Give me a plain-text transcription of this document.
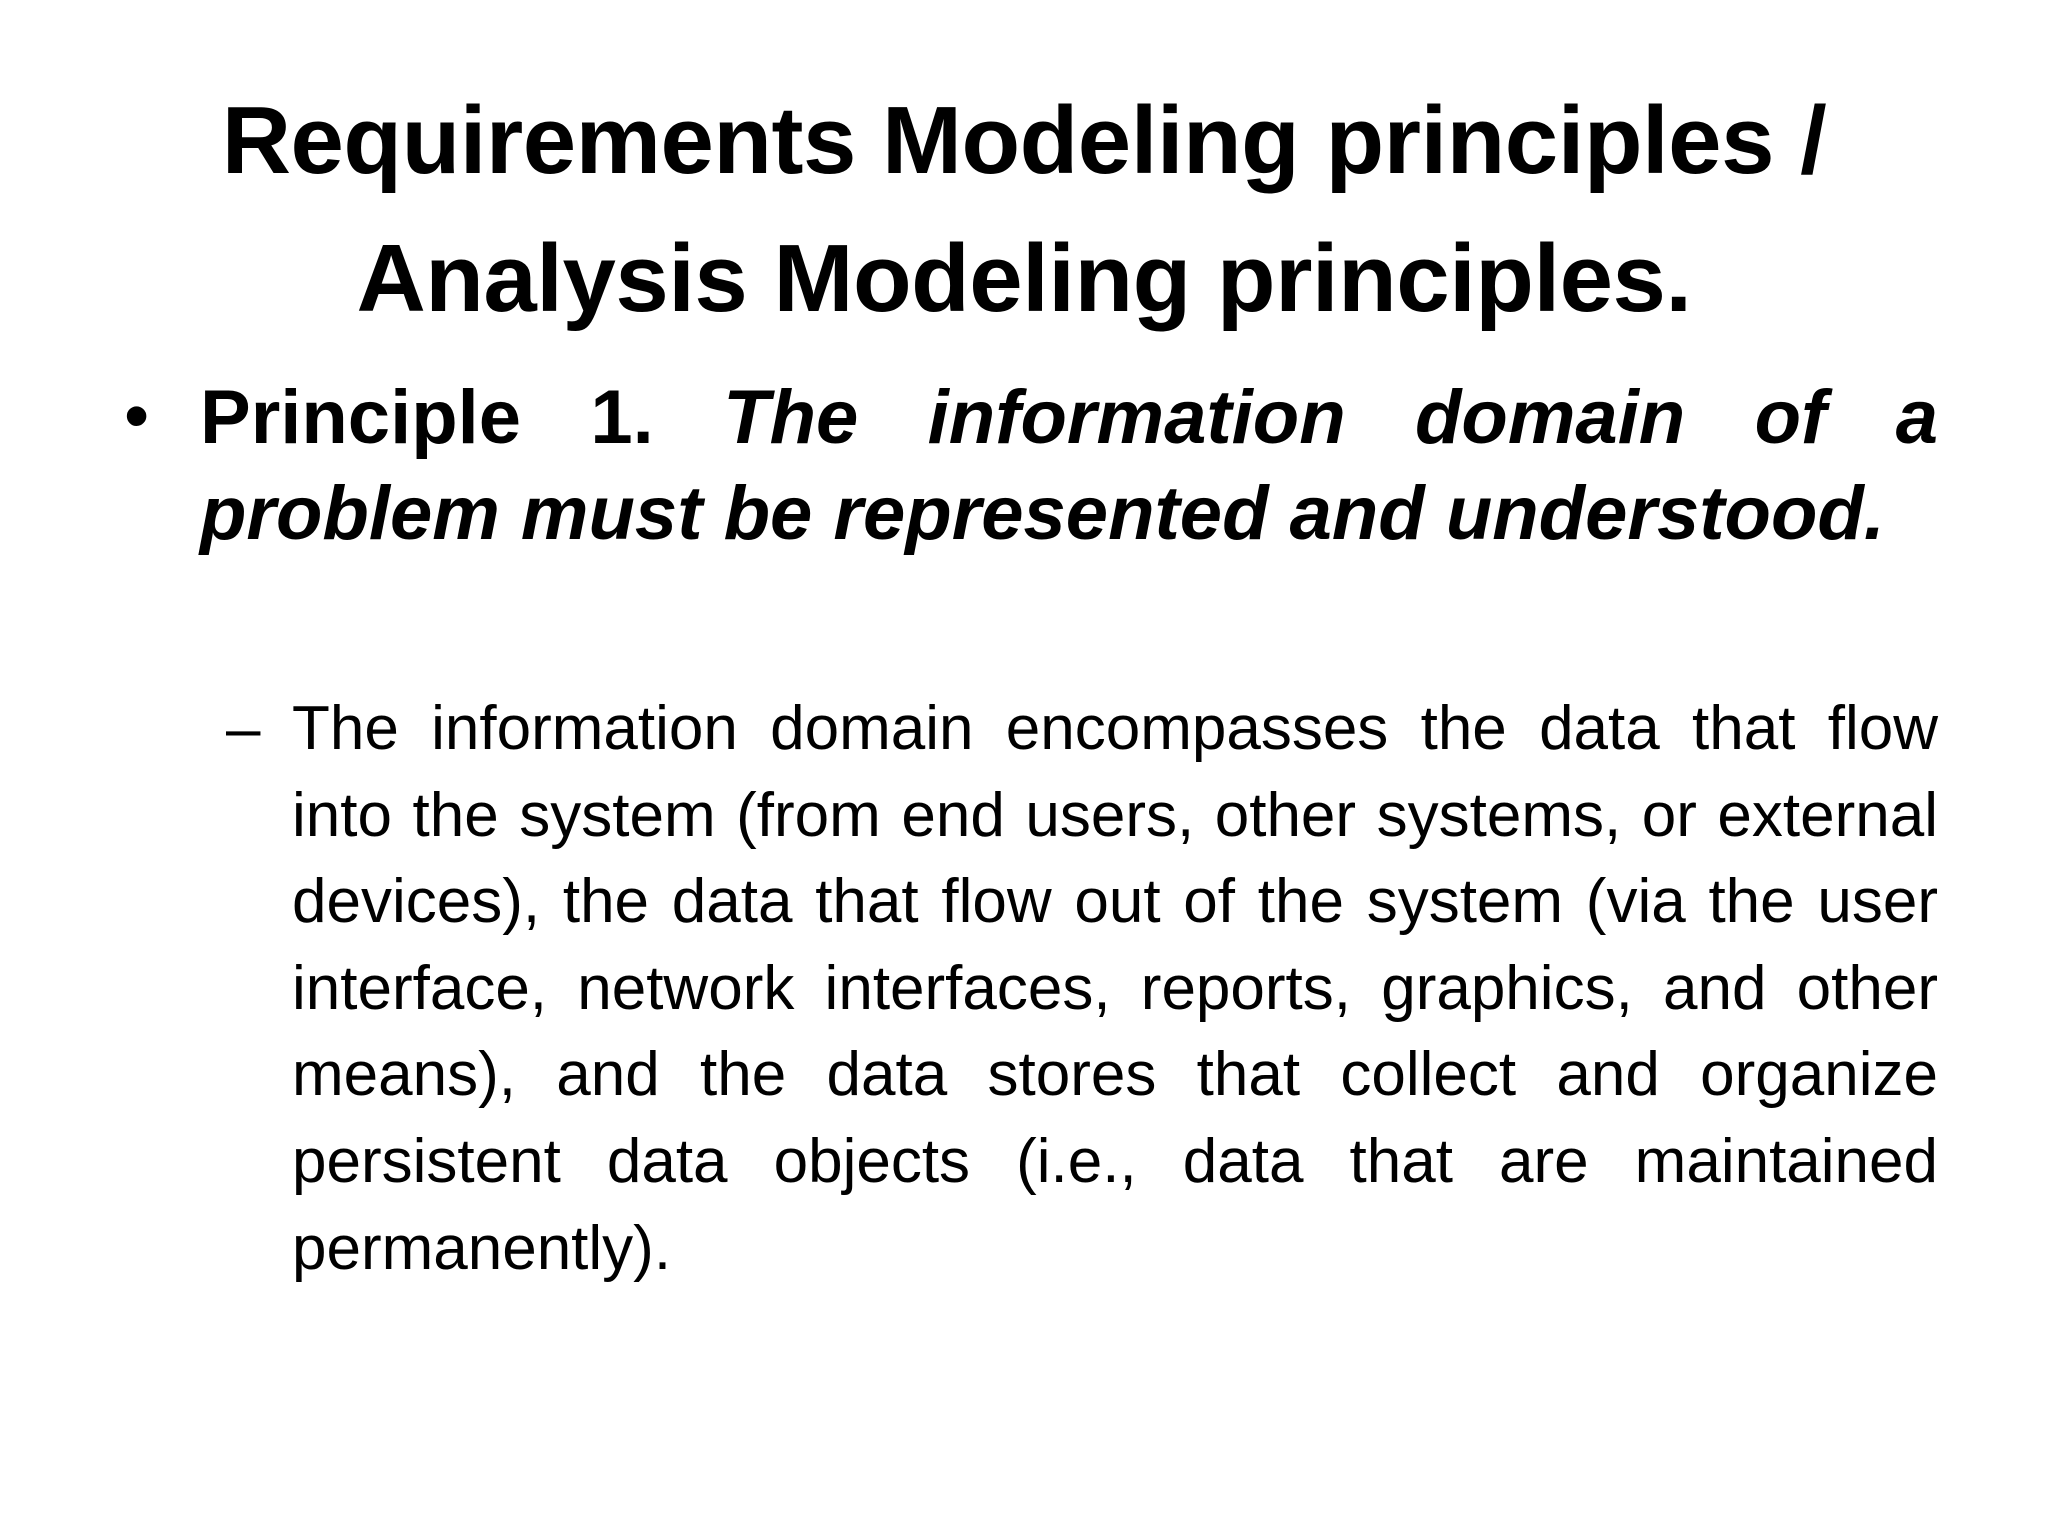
Requirements Modeling principles /
Analysis Modeling principles.
• Principle 1. The information domain of a problem must be represented and understood.
– The information domain encompasses the data that flow into the system (from end users, other systems, or external devices), the data that flow out of the system (via the user interface, network interfaces, reports, graphics, and other means), and the data stores that collect and organize persistent data objects (i.e., data that are maintained permanently).
